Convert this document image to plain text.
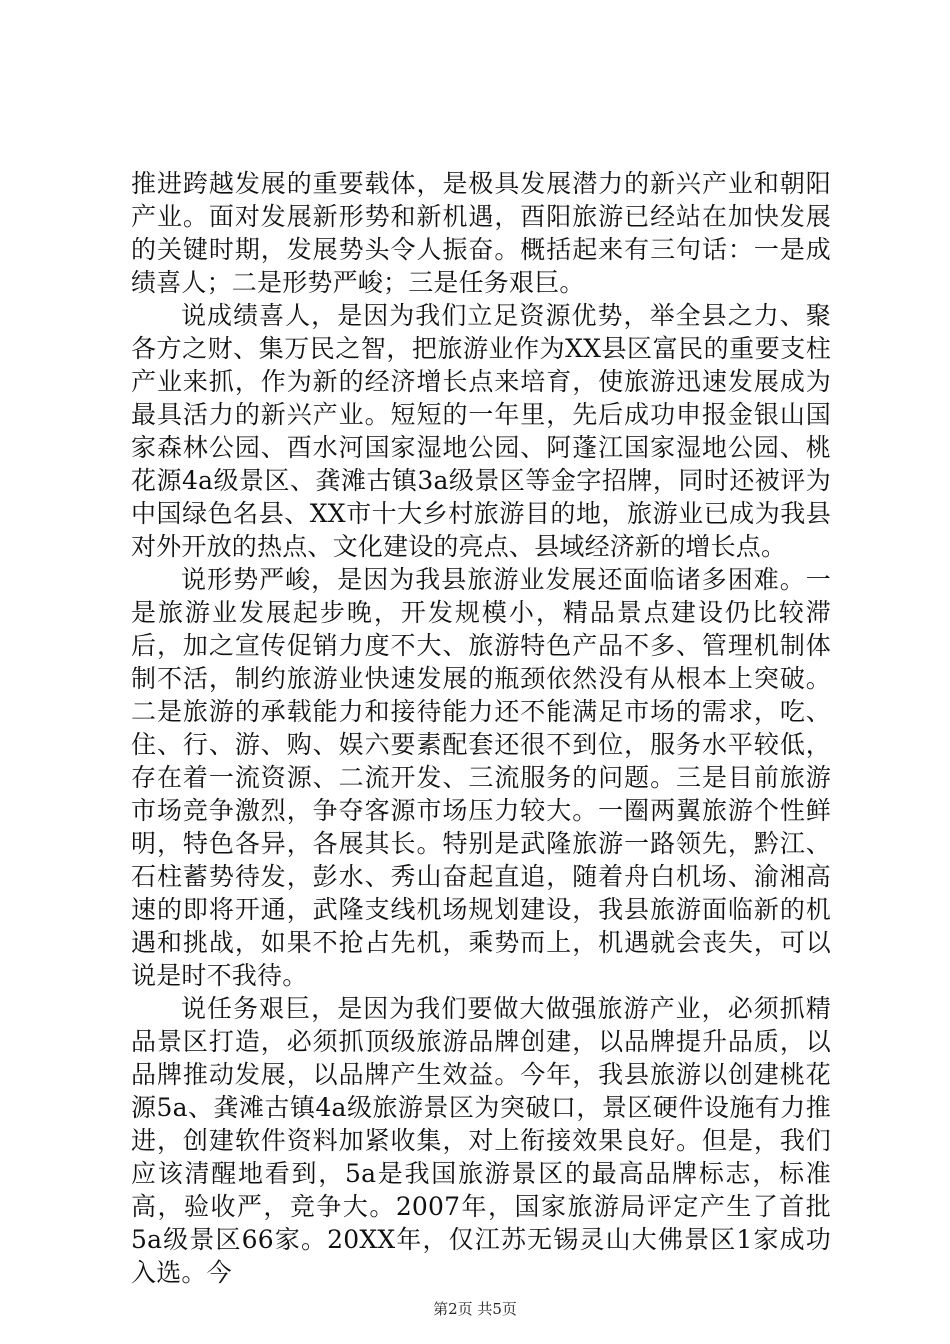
推进跨越发展的重要载体，是极具发展潜力的新兴产业和朝阳产业。面对发展新形势和新机遇，酉阳旅游已经站在加快发展的关键时期，发展势头令人振奋。概括起来有三句话：一是成绩喜人；二是形势严峻；三是任务艰巨。

说成绩喜人，是因为我们立足资源优势，举全县之力、聚各方之财、集万民之智，把旅游业作为XX县区富民的重要支柱产业来抓，作为新的经济增长点来培育，使旅游迅速发展成为最具活力的新兴产业。短短的一年里，先后成功申报金银山国家森林公园、酉水河国家湿地公园、阿蓬江国家湿地公园、桃花源4a级景区、龚滩古镇3a级景区等金字招牌，同时还被评为中国绿色名县、XX市十大乡村旅游目的地，旅游业已成为我县对外开放的热点、文化建设的亮点、县域经济新的增长点。

说形势严峻，是因为我县旅游业发展还面临诸多困难。一是旅游业发展起步晚，开发规模小，精品景点建设仍比较滞后，加之宣传促销力度不大、旅游特色产品不多、管理机制体制不活，制约旅游业快速发展的瓶颈依然没有从根本上突破。二是旅游的承载能力和接待能力还不能满足市场的需求，吃、住、行、游、购、娱六要素配套还很不到位，服务水平较低，存在着一流资源、二流开发、三流服务的问题。三是目前旅游市场竞争激烈，争夺客源市场压力较大。一圈两翼旅游个性鲜明，特色各异，各展其长。特别是武隆旅游一路领先，黔江、石柱蓄势待发，彭水、秀山奋起直追，随着舟白机场、渝湘高速的即将开通，武隆支线机场规划建设，我县旅游面临新的机遇和挑战，如果不抢占先机，乘势而上，机遇就会丧失，可以说是时不我待。

说任务艰巨，是因为我们要做大做强旅游产业，必须抓精品景区打造，必须抓顶级旅游品牌创建，以品牌提升品质，以品牌推动发展，以品牌产生效益。今年，我县旅游以创建桃花源5a、龚滩古镇4a级旅游景区为突破口，景区硬件设施有力推进，创建软件资料加紧收集，对上衔接效果良好。但是，我们应该清醒地看到，5a是我国旅游景区的最高品牌标志，标准高，验收严，竞争大。2007年，国家旅游局评定产生了首批5a级景区66家。20XX年，仅江苏无锡灵山大佛景区1家成功入选。今

第2页 共5页
